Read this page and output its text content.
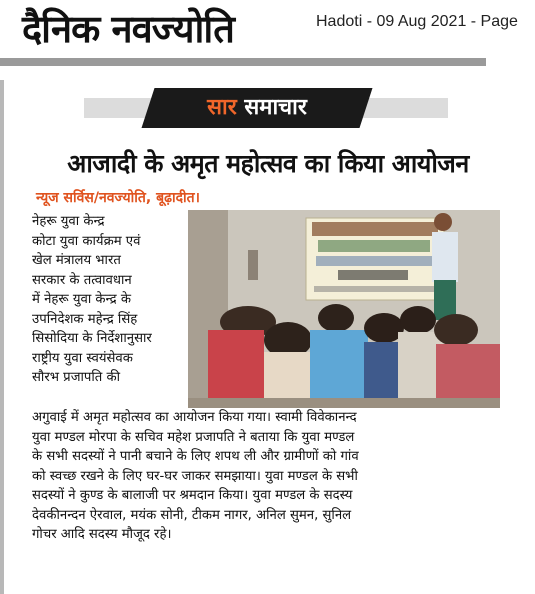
दैनिक नवज्योति	Hadoti - 09 Aug 2021 - Page
सार समाचार
आजादी के अमृत महोत्सव का किया आयोजन
न्यूज सर्विस/नवज्योति, बूढ़ादीत।
नेहरू युवा केन्द्र
कोटा युवा कार्यक्रम एवं
खेल मंत्रालय भारत
सरकार के तत्वावधान
में नेहरू युवा केन्द्र के
उपनिदेशक महेन्द्र सिंह
सिसोदिया के निर्देशानुसार
राष्ट्रीय युवा स्वयंसेवक
सौरभ प्रजापति की
अगुवाई में अमृत महोत्सव का आयोजन किया गया। स्वामी विवेकानन्द
युवा मण्डल मोरपा के सचिव महेश प्रजापति ने बताया कि युवा मण्डल
के सभी सदस्यों ने पानी बचाने के लिए शपथ ली और ग्रामीणों को गांव
को स्वच्छ रखने के लिए घर-घर जाकर समझाया। युवा मण्डल के सभी
सदस्यों ने कुण्ड के बालाजी पर श्रमदान किया। युवा मण्डल के सदस्य
देवकीनन्दन ऐरवाल, मयंक सोनी, टीकम नागर, अनिल सुमन, सुनिल
गोचर आदि सदस्य मौजूद रहे।
